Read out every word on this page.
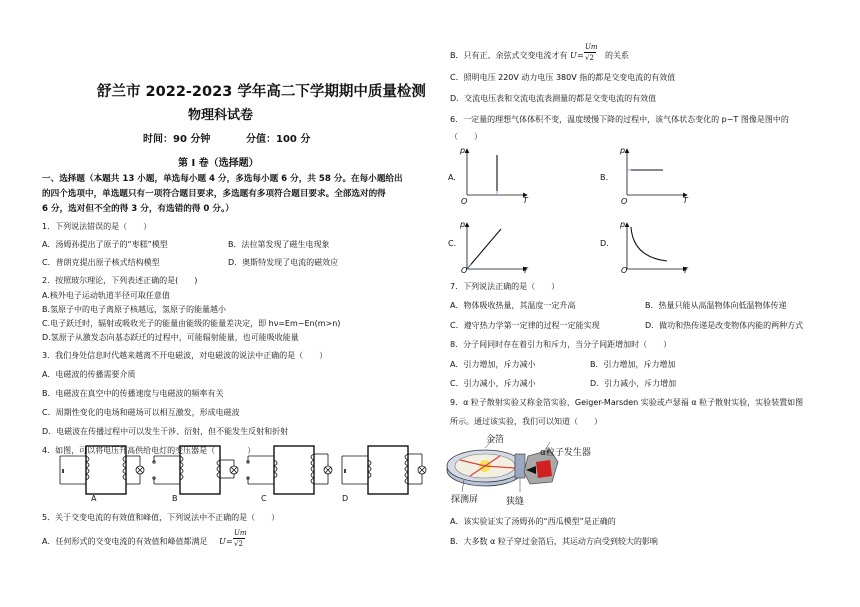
舒兰市 2022-2023 学年高二下学期期中质量检测
物理科试卷
时间：90 分钟	分值：100 分
第 I 卷（选择题）
一、选择题（本题共 13 小题，单选每小题 4 分，多选每小题 6 分，共 58 分。在每小题给出
的四个选项中，单选题只有一项符合题目要求，多选题有多项符合题目要求。全部选对的得
6 分，选对但不全的得 3 分，有选错的得 0 分。）
1．下列说法错误的是（　　）
A．汤姆孙提出了原子的“枣糕”模型	B．法拉第发现了磁生电现象
C．普朗克提出原子核式结构模型	D．奥斯特发现了电流的磁效应
2．按照玻尔理论，下列表述正确的是(　　)
A.核外电子运动轨道半径可取任意值
B.氢原子中的电子离原子核越远，氢原子的能量越小
C.电子跃迁时，辐射或吸收光子的能量由能级的能量差决定，即 hν=Em−En(m>n)
D.氢原子从激发态向基态跃迁的过程中，可能辐射能量，也可能吸收能量
3．我们身处信息时代越来越离不开电磁波，对电磁波的说法中正确的是（　　）
A．电磁波的传播需要介质
B．电磁波在真空中的传播速度与电磁波的频率有关
C．周期性变化的电场和磁场可以相互激发，形成电磁波
D．电磁波在传播过程中可以发生干涉、衍射，但不能发生反射和折射
4．如图，可以将电压升高供给电灯的变压器是（　　　　）
A	B	C	D
5．关于交变电流的有效值和峰值，下列说法中不正确的是（　　）
A．任何形式的交变电流的有效值和峰值都满足 U =
Um
√2
B．只有正、余弦式交变电流才有 U =
Um
√2 的关系
C．照明电压 220V 动力电压 380V 指的都是交变电流的有效值
D．交流电压表和交流电流表测量的都是交变电流的有效值
6．一定量的理想气体体积不变，温度缓慢下降的过程中，该气体状态变化的 p−T 图像是图中的
（　　）
A.	B.
C.	D.
p
T
O
p
T
O
p
T
O
p
T
O
7．下列说法正确的是（　　）
A．物体吸收热量，其温度一定升高	B．热量只能从高温物体向低温物体传递
C．遵守热力学第一定律的过程一定能实现	D．做功和热传递是改变物体内能的两种方式
8．分子间同时存在着引力和斥力，当分子间距增加时（　　）
A．引力增加，斥力减小	B．引力增加，斥力增加
C．引力减小，斥力减小	D．引力减小，斥力增加
9．α 粒子散射实验又称金箔实验、Geiger-Marsden 实验或卢瑟福 α 粒子散射实验，实验装置如图
所示。通过该实验，我们可以知道（　　）
金箔
α粒子发生器
探测屏	狭缝
A．该实验证实了汤姆孙的“西瓜模型”是正确的
B．大多数 α 粒子穿过金箔后，其运动方向受到较大的影响
